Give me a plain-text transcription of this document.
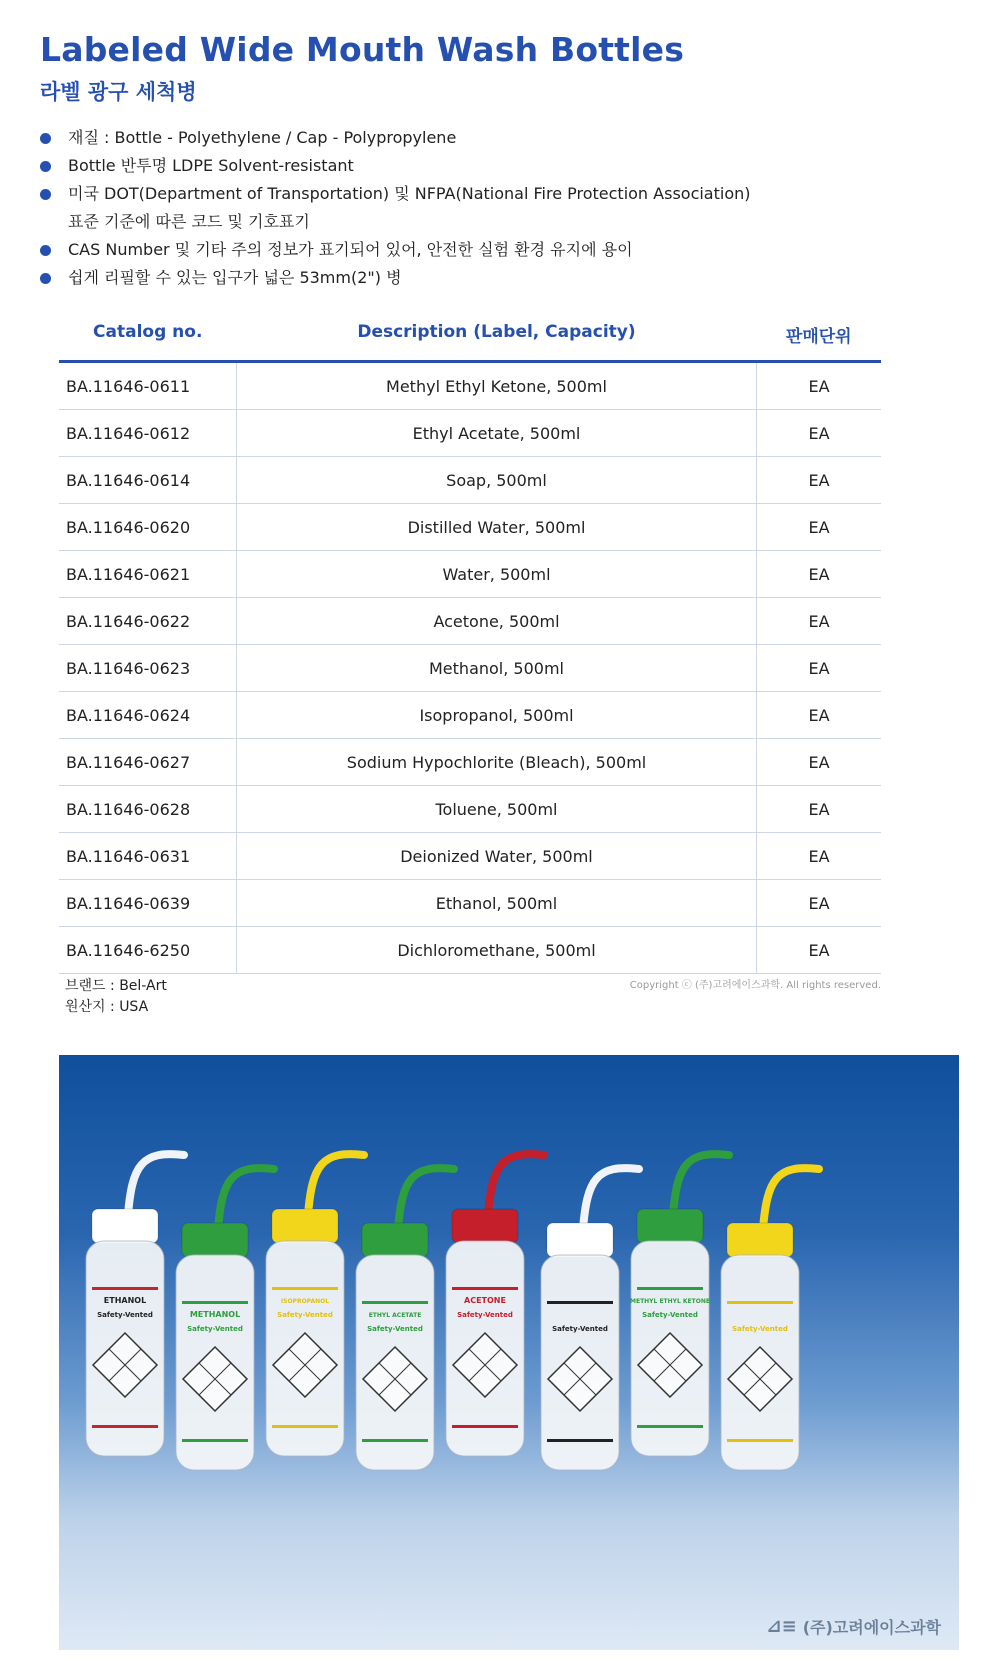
Labeled Wide Mouth Wash Bottles
라벨 광구 세척병
재질 : Bottle - Polyethylene / Cap - Polypropylene
Bottle 반투명 LDPE Solvent-resistant
미국 DOT(Department of Transportation) 및 NFPA(National Fire Protection Association)
표준 기준에 따른 코드 및 기호표기
CAS Number 및 기타 주의 정보가 표기되어 있어, 안전한 실험 환경 유지에 용이
쉽게 리필할 수 있는 입구가 넓은 53mm(2") 병
Catalog no.	Description (Label, Capacity)	판매단위
BA.11646-0611	Methyl Ethyl Ketone, 500ml	EA
BA.11646-0612	Ethyl Acetate, 500ml	EA
BA.11646-0614	Soap, 500ml	EA
BA.11646-0620	Distilled Water, 500ml	EA
BA.11646-0621	Water, 500ml	EA
BA.11646-0622	Acetone, 500ml	EA
BA.11646-0623	Methanol, 500ml	EA
BA.11646-0624	Isopropanol, 500ml	EA
BA.11646-0627	Sodium Hypochlorite (Bleach), 500ml	EA
BA.11646-0628	Toluene, 500ml	EA
BA.11646-0631	Deionized Water, 500ml	EA
BA.11646-0639	Ethanol, 500ml	EA
BA.11646-6250	Dichloromethane, 500ml	EA
브랜드 : Bel-Art
원산지 : USA
Copyright ⓒ (주)고려에이스과학. All rights reserved.
ETHANOL
Safety-Vented	METHANOL
Safety-Vented
ISOPROPANOL
Safety-Vented	ETHYL ACETATE
Safety-Vented
ACETONE
Safety-Vented
Safety-Vented
METHYL ETHYL KETONE
Safety-Vented
Safety-Vented
⊿≡ (주)고려에이스과학
